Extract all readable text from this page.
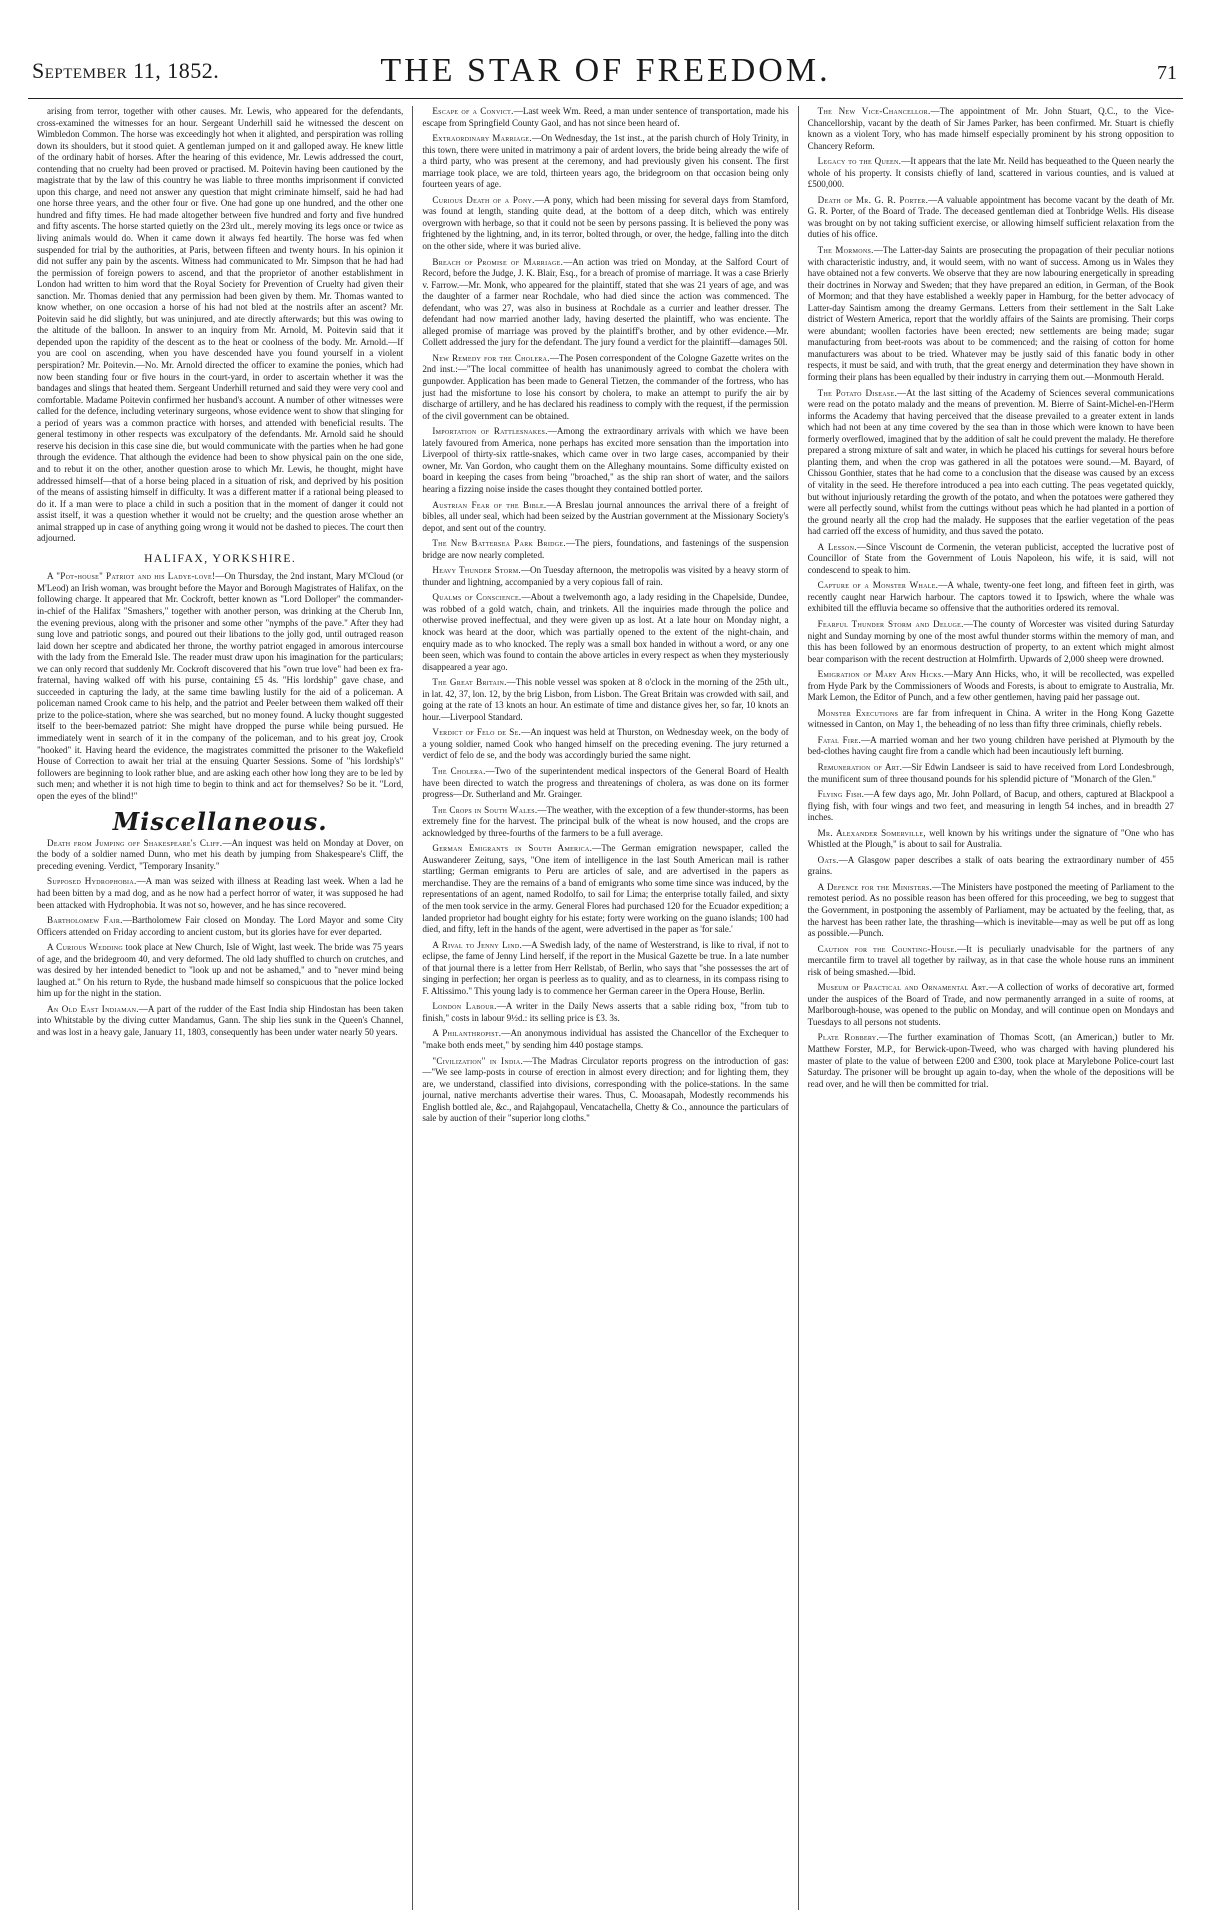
September 11, 1852.	THE STAR OF FREEDOM.	71

arising from terror, together with other causes. Mr. Lewis, who appeared for the defendants, cross-examined the witnesses for an hour. Sergeant Underhill said he witnessed the descent on Wimbledon Common. The horse was exceedingly hot when it alighted, and perspiration was rolling down its shoulders, but it stood quiet. A gentleman jumped on it and galloped away. He knew little of the ordinary habit of horses. After the hearing of this evidence, Mr. Lewis addressed the court, contending that no cruelty had been proved or practised. M. Poitevin having been cautioned by the magistrate that by the law of this country he was liable to three months imprisonment if convicted upon this charge, and need not answer any question that might criminate himself, said he had had one horse three years, and the other four or five. One had gone up one hundred, and the other one hundred and fifty times. He had made altogether between five hundred and forty and five hundred and fifty ascents. The horse started quietly on the 23rd ult., merely moving its legs once or twice as living animals would do. When it came down it always fed heartily. The horse was fed when suspended for trial by the authorities, at Paris, between fifteen and twenty hours. In his opinion it did not suffer any pain by the ascents. Witness had communicated to Mr. Simpson that he had had the permission of foreign powers to ascend, and that the proprietor of another establishment in London had written to him word that the Royal Society for Prevention of Cruelty had given their sanction. Mr. Thomas denied that any permission had been given by them. Mr. Thomas wanted to know whether, on one occasion a horse of his had not bled at the nostrils after an ascent? Mr. Poitevin said he did slightly, but was uninjured, and ate directly afterwards; but this was owing to the altitude of the balloon. In answer to an inquiry from Mr. Arnold, M. Poitevin said that it depended upon the rapidity of the descent as to the heat or coolness of the body. Mr. Arnold.—If you are cool on ascending, when you have descended have you found yourself in a violent perspiration? Mr. Poitevin.—No. Mr. Arnold directed the officer to examine the ponies, which had now been standing four or five hours in the court-yard, in order to ascertain whether it was the bandages and slings that heated them. Sergeant Underhill returned and said they were very cool and comfortable. Madame Poitevin confirmed her husband's account. A number of other witnesses were called for the defence, including veterinary surgeons, whose evidence went to show that slinging for a period of years was a common practice with horses, and attended with beneficial results. The general testimony in other respects was exculpatory of the defendants. Mr. Arnold said he should reserve his decision in this case sine die, but would communicate with the parties when he had gone through the evidence. That although the evidence had been to show physical pain on the one side, and to rebut it on the other, another question arose to which Mr. Lewis, he thought, might have addressed himself—that of a horse being placed in a situation of risk, and deprived by his position of the means of assisting himself in difficulty. It was a different matter if a rational being pleased to do it. If a man were to place a child in such a position that in the moment of danger it could not assist itself, it was a question whether it would not be cruelty; and the question arose whether an animal strapped up in case of anything going wrong it would not be dashed to pieces. The court then adjourned.

HALIFAX, YORKSHIRE.

A "Pot-house" Patriot and his Ladye-love!—On Thursday, the 2nd instant, Mary M'Cloud (or M'Leod) an Irish woman, was brought before the Mayor and Borough Magistrates of Halifax, on the following charge. It appeared that Mr. Cockroft, better known as "Lord Dolloper" the commander-in-chief of the Halifax "Smashers," together with another person, was drinking at the Cherub Inn, the evening previous, along with the prisoner and some other "nymphs of the pave." After they had sung love and patriotic songs, and poured out their libations to the jolly god, until outraged reason laid down her sceptre and abdicated her throne, the worthy patriot engaged in amorous intercourse with the lady from the Emerald Isle. The reader must draw upon his imagination for the particulars; we can only record that suddenly Mr. Cockroft discovered that his "own true love" had been ex fra-fraternal, having walked off with his purse, containing £5 4s. "His lordship" gave chase, and succeeded in capturing the lady, at the same time bawling lustily for the aid of a policeman. A policeman named Crook came to his help, and the patriot and Peeler between them walked off their prize to the police-station, where she was searched, but no money found. A lucky thought suggested itself to the beer-bemazed patriot: She might have dropped the purse while being pursued. He immediately went in search of it in the company of the policeman, and to his great joy, Crook "hooked" it. Having heard the evidence, the magistrates committed the prisoner to the Wakefield House of Correction to await her trial at the ensuing Quarter Sessions. Some of "his lordship's" followers are beginning to look rather blue, and are asking each other how long they are to be led by such men; and whether it is not high time to begin to think and act for themselves? So be it. "Lord, open the eyes of the blind!"

Miscellaneous.

Death from Jumping off Shakespeare's Cliff.—An inquest was held on Monday at Dover, on the body of a soldier named Dunn, who met his death by jumping from Shakespeare's Cliff, the preceding evening. Verdict, "Temporary Insanity."

Supposed Hydrophobia.—A man was seized with illness at Reading last week. When a lad he had been bitten by a mad dog, and as he now had a perfect horror of water, it was supposed he had been attacked with Hydrophobia. It was not so, however, and he has since recovered.

Bartholomew Fair.—Bartholomew Fair closed on Monday. The Lord Mayor and some City Officers attended on Friday according to ancient custom, but its glories have for ever departed.

A Curious Wedding took place at New Church, Isle of Wight, last week. The bride was 75 years of age, and the bridegroom 40, and very deformed. The old lady shuffled to church on crutches, and was desired by her intended benedict to "look up and not be ashamed," and to "never mind being laughed at." On his return to Ryde, the husband made himself so conspicuous that the police locked him up for the night in the station.

An Old East Indiaman.—A part of the rudder of the East India ship Hindostan has been taken into Whitstable by the diving cutter Mandamus, Gann. The ship lies sunk in the Queen's Channel, and was lost in a heavy gale, January 11, 1803, consequently has been under water nearly 50 years.

Escape of a Convict.—Last week Wm. Reed, a man under sentence of transportation, made his escape from Springfield County Gaol, and has not since been heard of.

Extraordinary Marriage.—On Wednesday, the 1st inst., at the parish church of Holy Trinity, in this town, there were united in matrimony a pair of ardent lovers, the bride being already the wife of a third party, who was present at the ceremony, and had previously given his consent. The first marriage took place, we are told, thirteen years ago, the bridegroom on that occasion being only fourteen years of age.

Curious Death of a Pony.—A pony, which had been missing for several days from Stamford, was found at length, standing quite dead, at the bottom of a deep ditch, which was entirely overgrown with herbage, so that it could not be seen by persons passing. It is believed the pony was frightened by the lightning, and, in its terror, bolted through, or over, the hedge, falling into the ditch on the other side, where it was buried alive.

Breach of Promise of Marriage.—An action was tried on Monday, at the Salford Court of Record, before the Judge, J. K. Blair, Esq., for a breach of promise of marriage. It was a case Brierly v. Farrow.—Mr. Monk, who appeared for the plaintiff, stated that she was 21 years of age, and was the daughter of a farmer near Rochdale, who had died since the action was commenced. The defendant, who was 27, was also in business at Rochdale as a currier and leather dresser. The defendant had now married another lady, having deserted the plaintiff, who was enciente. The alleged promise of marriage was proved by the plaintiff's brother, and by other evidence.—Mr. Collett addressed the jury for the defendant. The jury found a verdict for the plaintiff—damages 50l.

New Remedy for the Cholera.—The Posen correspondent of the Cologne Gazette writes on the 2nd inst.:—"The local committee of health has unanimously agreed to combat the cholera with gunpowder. Application has been made to General Tietzen, the commander of the fortress, who has just had the misfortune to lose his consort by cholera, to make an attempt to purify the air by discharge of artillery, and he has declared his readiness to comply with the request, if the permission of the civil government can be obtained.

Importation of Rattlesnakes.—Among the extraordinary arrivals with which we have been lately favoured from America, none perhaps has excited more sensation than the importation into Liverpool of thirty-six rattle-snakes, which came over in two large cases, accompanied by their owner, Mr. Van Gordon, who caught them on the Alleghany mountains. Some difficulty existed on board in keeping the cases from being "broached," as the ship ran short of water, and the sailors hearing a fizzing noise inside the cases thought they contained bottled porter.

Austrian Fear of the Bible.—A Breslau journal announces the arrival there of a freight of bibles, all under seal, which had been seized by the Austrian government at the Missionary Society's depot, and sent out of the country.

The New Battersea Park Bridge.—The piers, foundations, and fastenings of the suspension bridge are now nearly completed.

Heavy Thunder Storm.—On Tuesday afternoon, the metropolis was visited by a heavy storm of thunder and lightning, accompanied by a very copious fall of rain.

Qualms of Conscience.—About a twelvemonth ago, a lady residing in the Chapelside, Dundee, was robbed of a gold watch, chain, and trinkets. All the inquiries made through the police and otherwise proved ineffectual, and they were given up as lost. At a late hour on Monday night, a knock was heard at the door, which was partially opened to the extent of the night-chain, and enquiry made as to who knocked. The reply was a small box handed in without a word, or any one been seen, which was found to contain the above articles in every respect as when they mysteriously disappeared a year ago.

The Great Britain.—This noble vessel was spoken at 8 o'clock in the morning of the 25th ult., in lat. 42, 37, lon. 12, by the brig Lisbon, from Lisbon. The Great Britain was crowded with sail, and going at the rate of 13 knots an hour. An estimate of time and distance gives her, so far, 10 knots an hour.—Liverpool Standard.

Verdict of Felo de Se.—An inquest was held at Thurston, on Wednesday week, on the body of a young soldier, named Cook who hanged himself on the preceding evening. The jury returned a verdict of felo de se, and the body was accordingly buried the same night.

The Cholera.—Two of the superintendent medical inspectors of the General Board of Health have been directed to watch the progress and threatenings of cholera, as was done on its former progress—Dr. Sutherland and Mr. Grainger.

The Crops in South Wales.—The weather, with the exception of a few thunder-storms, has been extremely fine for the harvest. The principal bulk of the wheat is now housed, and the crops are acknowledged by three-fourths of the farmers to be a full average.

German Emigrants in South America.—The German emigration newspaper, called the Auswanderer Zeitung, says, "One item of intelligence in the last South American mail is rather startling; German emigrants to Peru are articles of sale, and are advertised in the papers as merchandise. They are the remains of a band of emigrants who some time since was induced, by the representations of an agent, named Rodolfo, to sail for Lima; the enterprise totally failed, and sixty of the men took service in the army. General Flores had purchased 120 for the Ecuador expedition; a landed proprietor had bought eighty for his estate; forty were working on the guano islands; 100 had died, and fifty, left in the hands of the agent, were advertised in the paper as 'for sale.'

A Rival to Jenny Lind.—A Swedish lady, of the name of Westerstrand, is like to rival, if not to eclipse, the fame of Jenny Lind herself, if the report in the Musical Gazette be true. In a late number of that journal there is a letter from Herr Rellstab, of Berlin, who says that "she possesses the art of singing in perfection; her organ is peerless as to quality, and as to clearness, in its compass rising to F. Altissimo." This young lady is to commence her German career in the Opera House, Berlin.

London Labour.—A writer in the Daily News asserts that a sable riding box, "from tub to finish," costs in labour 9½d.: its selling price is £3. 3s.

A Philanthropist.—An anonymous individual has assisted the Chancellor of the Exchequer to "make both ends meet," by sending him 440 postage stamps.

"Civilization" in India.—The Madras Circulator reports progress on the introduction of gas:—"We see lamp-posts in course of erection in almost every direction; and for lighting them, they are, we understand, classified into divisions, corresponding with the police-stations. In the same journal, native merchants advertise their wares. Thus, C. Mooasapah, Modestly recommends his English bottled ale, &c., and Rajahgopaul, Vencatachella, Chetty & Co., announce the particulars of sale by auction of their "superior long cloths."

The New Vice-Chancellor.—The appointment of Mr. John Stuart, Q.C., to the Vice-Chancellorship, vacant by the death of Sir James Parker, has been confirmed. Mr. Stuart is chiefly known as a violent Tory, who has made himself especially prominent by his strong opposition to Chancery Reform.

Legacy to the Queen.—It appears that the late Mr. Neild has bequeathed to the Queen nearly the whole of his property. It consists chiefly of land, scattered in various counties, and is valued at £500,000.

Death of Mr. G. R. Porter.—A valuable appointment has become vacant by the death of Mr. G. R. Porter, of the Board of Trade. The deceased gentleman died at Tonbridge Wells. His disease was brought on by not taking sufficient exercise, or allowing himself sufficient relaxation from the duties of his office.

The Mormons.—The Latter-day Saints are prosecuting the propagation of their peculiar notions with characteristic industry, and, it would seem, with no want of success. Among us in Wales they have obtained not a few converts. We observe that they are now labouring energetically in spreading their doctrines in Norway and Sweden; that they have prepared an edition, in German, of the Book of Mormon; and that they have established a weekly paper in Hamburg, for the better advocacy of Latter-day Saintism among the dreamy Germans. Letters from their settlement in the Salt Lake district of Western America, report that the worldly affairs of the Saints are promising. Their corps were abundant; woollen factories have been erected; new settlements are being made; sugar manufacturing from beet-roots was about to be commenced; and the raising of cotton for home manufacturers was about to be tried. Whatever may be justly said of this fanatic body in other respects, it must be said, and with truth, that the great energy and determination they have shown in forming their plans has been equalled by their industry in carrying them out.—Monmouth Herald.

The Potato Disease.—At the last sitting of the Academy of Sciences several communications were read on the potato malady and the means of prevention. M. Bierre of Saint-Michel-en-l'Herm informs the Academy that having perceived that the disease prevailed to a greater extent in lands which had not been at any time covered by the sea than in those which were known to have been formerly overflowed, imagined that by the addition of salt he could prevent the malady. He therefore prepared a strong mixture of salt and water, in which he placed his cuttings for several hours before planting them, and when the crop was gathered in all the potatoes were sound.—M. Bayard, of Chissou Gonthier, states that he had come to a conclusion that the disease was caused by an excess of vitality in the seed. He therefore introduced a pea into each cutting. The peas vegetated quickly, but without injuriously retarding the growth of the potato, and when the potatoes were gathered they were all perfectly sound, whilst from the cuttings without peas which he had planted in a portion of the ground nearly all the crop had the malady. He supposes that the earlier vegetation of the peas had carried off the excess of humidity, and thus saved the potato.

A Lesson.—Since Viscount de Cormenin, the veteran publicist, accepted the lucrative post of Councillor of State from the Government of Louis Napoleon, his wife, it is said, will not condescend to speak to him.

Capture of a Monster Whale.—A whale, twenty-one feet long, and fifteen feet in girth, was recently caught near Harwich harbour. The captors towed it to Ipswich, where the whale was exhibited till the effluvia became so offensive that the authorities ordered its removal.

Fearful Thunder Storm and Deluge.—The county of Worcester was visited during Saturday night and Sunday morning by one of the most awful thunder storms within the memory of man, and this has been followed by an enormous destruction of property, to an extent which might almost bear comparison with the recent destruction at Holmfirth. Upwards of 2,000 sheep were drowned.

Emigration of Mary Ann Hicks.—Mary Ann Hicks, who, it will be recollected, was expelled from Hyde Park by the Commissioners of Woods and Forests, is about to emigrate to Australia, Mr. Mark Lemon, the Editor of Punch, and a few other gentlemen, having paid her passage out.

Monster Executions are far from infrequent in China. A writer in the Hong Kong Gazette witnessed in Canton, on May 1, the beheading of no less than fifty three criminals, chiefly rebels.

Fatal Fire.—A married woman and her two young children have perished at Plymouth by the bed-clothes having caught fire from a candle which had been incautiously left burning.

Remuneration of Art.—Sir Edwin Landseer is said to have received from Lord Londesbrough, the munificent sum of three thousand pounds for his splendid picture of "Monarch of the Glen."

Flying Fish.—A few days ago, Mr. John Pollard, of Bacup, and others, captured at Blackpool a flying fish, with four wings and two feet, and measuring in length 54 inches, and in breadth 27 inches.

Mr. Alexander Somerville, well known by his writings under the signature of "One who has Whistled at the Plough," is about to sail for Australia.

Oats.—A Glasgow paper describes a stalk of oats bearing the extraordinary number of 455 grains.

A Defence for the Ministers.—The Ministers have postponed the meeting of Parliament to the remotest period. As no possible reason has been offered for this proceeding, we beg to suggest that the Government, in postponing the assembly of Parliament, may be actuated by the feeling, that, as the harvest has been rather late, the thrashing—which is inevitable—may as well be put off as long as possible.—Punch.

Caution for the Counting-House.—It is peculiarly unadvisable for the partners of any mercantile firm to travel all together by railway, as in that case the whole house runs an imminent risk of being smashed.—Ibid.

Museum of Practical and Ornamental Art.—A collection of works of decorative art, formed under the auspices of the Board of Trade, and now permanently arranged in a suite of rooms, at Marlborough-house, was opened to the public on Monday, and will continue open on Mondays and Tuesdays to all persons not students.

Plate Robbery.—The further examination of Thomas Scott, (an American,) butler to Mr. Matthew Forster, M.P., for Berwick-upon-Tweed, who was charged with having plundered his master of plate to the value of between £200 and £300, took place at Marylebone Police-court last Saturday. The prisoner will be brought up again to-day, when the whole of the depositions will be read over, and he will then be committed for trial.
